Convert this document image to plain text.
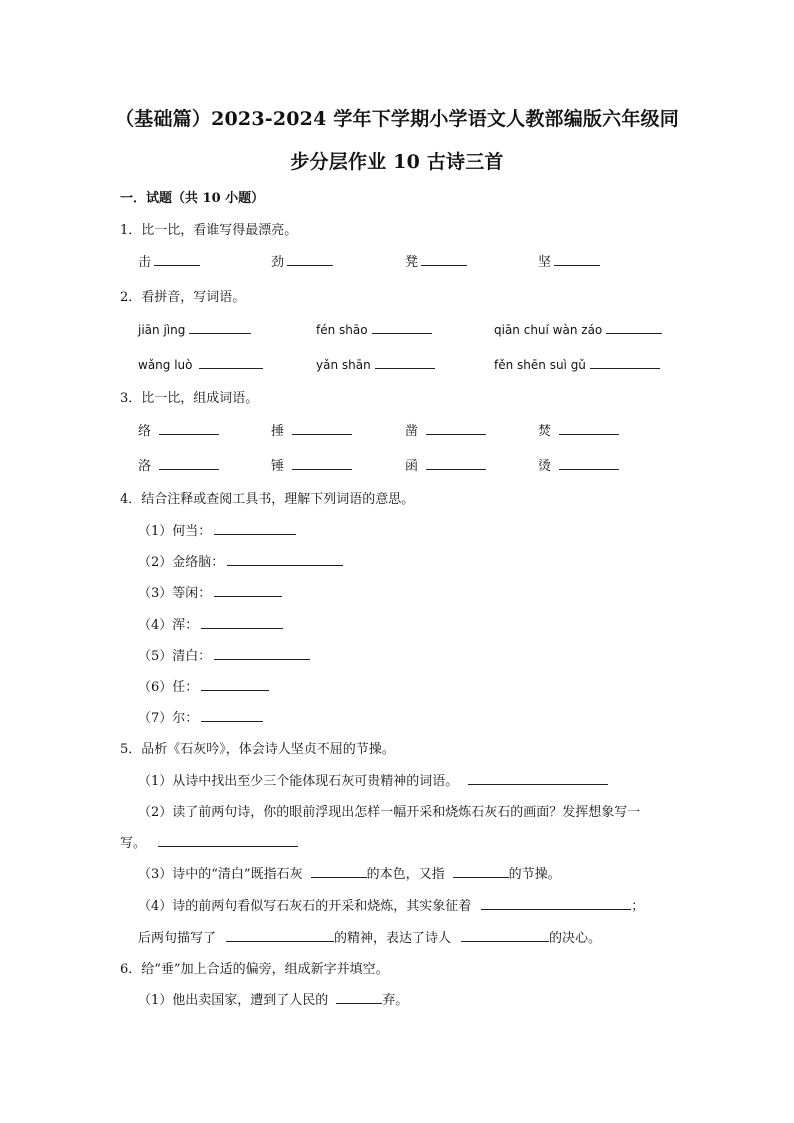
（基础篇）2023-2024 学年下学期小学语文人教部编版六年级同
步分层作业 10 古诗三首
一．试题（共 10 小题）
1．比一比，看谁写得最漂亮。
击	劲	凳	坚
2．看拼音，写词语。
jiān jìng	fén shāo	qiān chuí wàn záo
wǎng luò	yǎn shān	fěn shēn suì gǔ
3．比一比，组成词语。
络	捶	凿	焚
洛	锤	函	烫
4．结合注释或查阅工具书，理解下列词语的意思。
（1）何当：
（2）金络脑：
（3）等闲：
（4）浑：
（5）清白：
（6）任：
（7）尔：
5．品析《石灰吟》，体会诗人坚贞不屈的节操。
（1）从诗中找出至少三个能体现石灰可贵精神的词语。
（2）读了前两句诗，你的眼前浮现出怎样一幅开采和烧炼石灰石的画面？发挥想象写一
写。
（3）诗中的“清白”既指石灰	的本色，又指	的节操。
（4）诗的前两句看似写石灰石的开采和烧炼，其实象征着	；
后两句描写了	的精神，表达了诗人	的决心。
6．给“垂”加上合适的偏旁，组成新字并填空。
（1）他出卖国家，遭到了人民的	弃。
